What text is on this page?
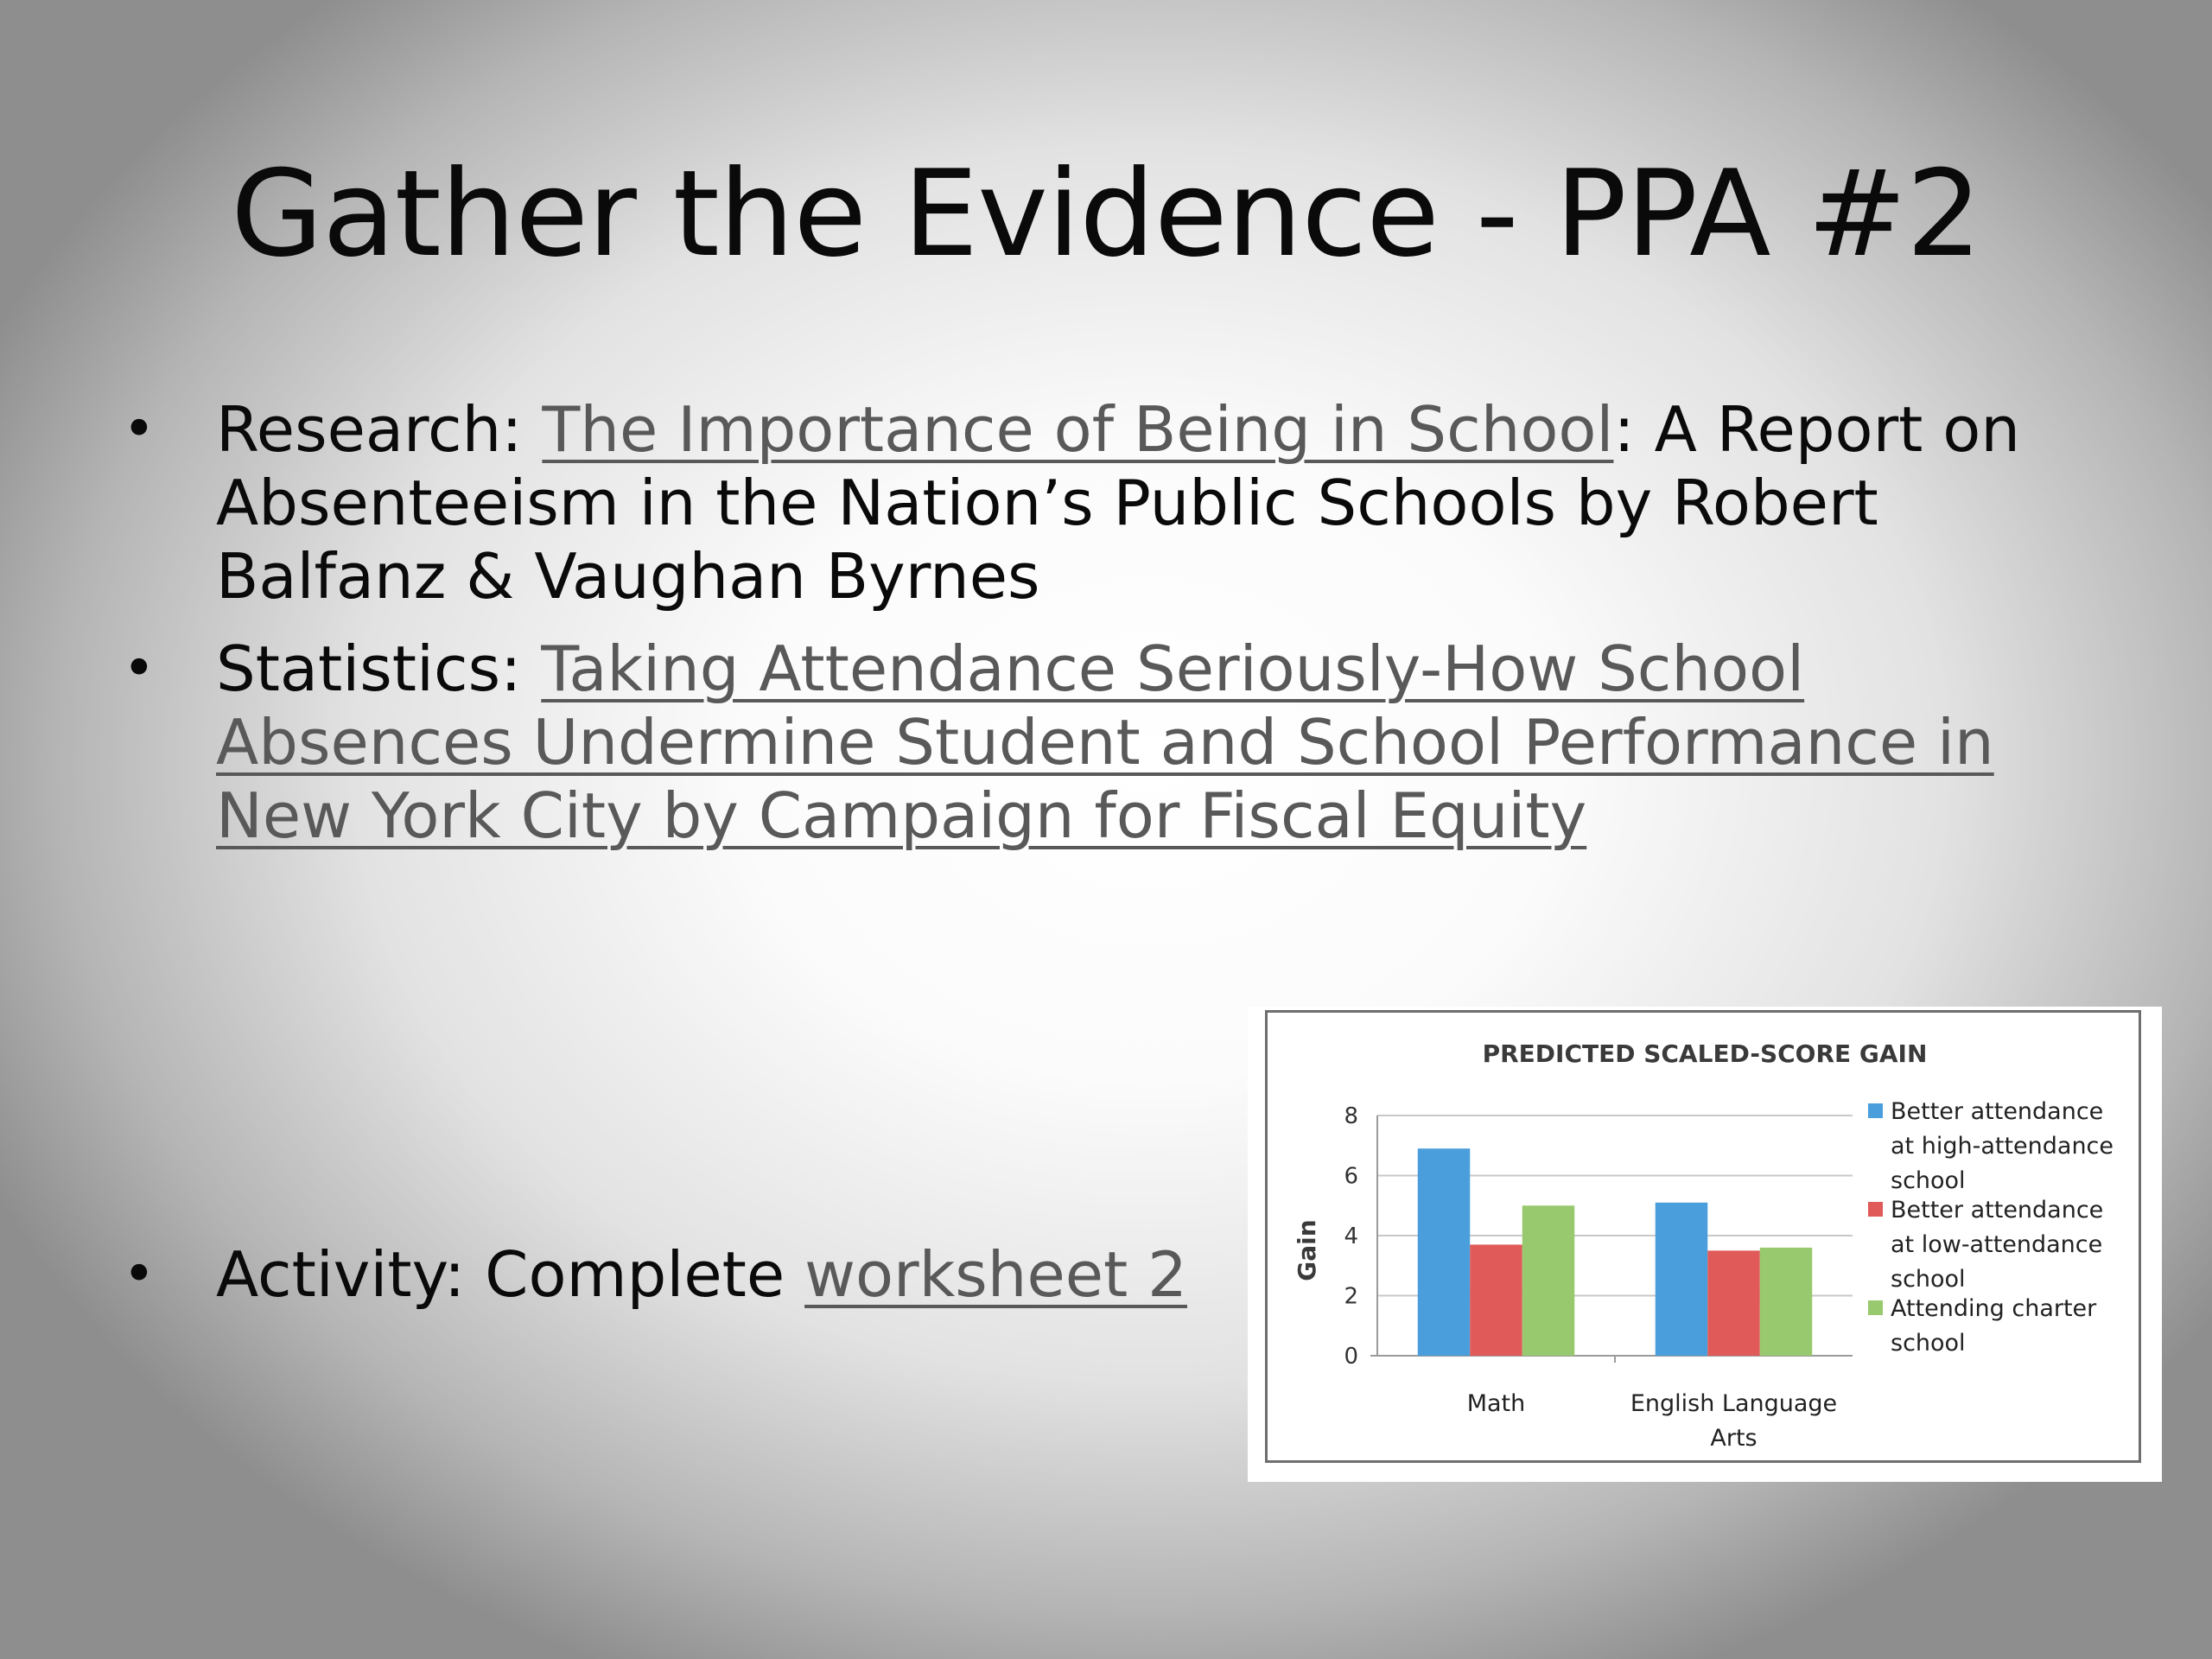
Gather the Evidence - PPA #2
• Research: The Importance of Being in School: A Report on Absenteeism in the Nation’s Public Schools by Robert Balfanz & Vaughan Byrnes
• Statistics: Taking Attendance Seriously-How School Absences Undermine Student and School Performance in New York City by Campaign for Fiscal Equity
• Activity: Complete worksheet 2
PREDICTED SCALED-SCORE GAIN
Gain
0
2
4
6
8
Math	English Language
Arts
Better attendance
at high-attendance
school
Better attendance
at low-attendance
school
Attending charter
school
